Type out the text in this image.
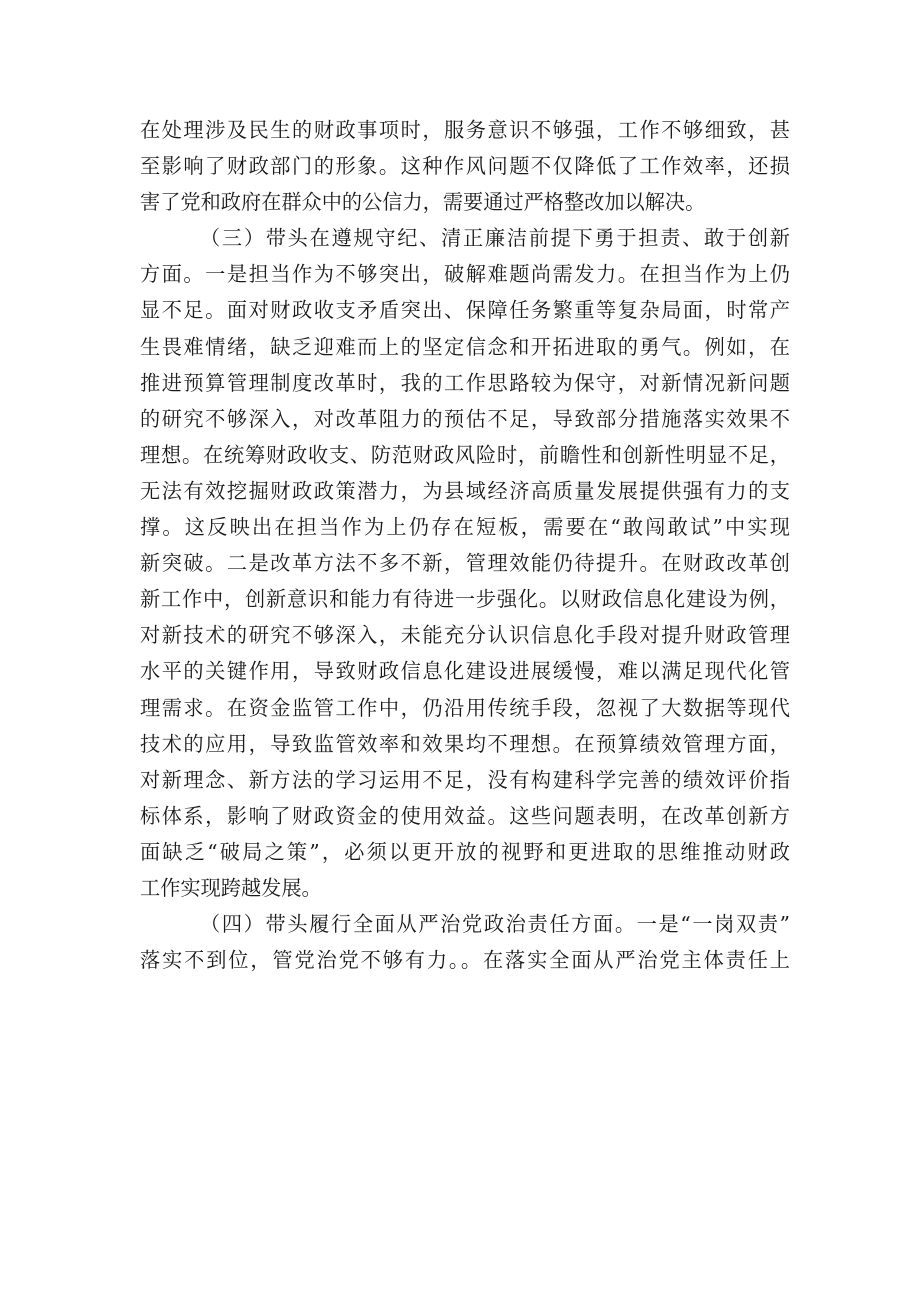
在处理涉及民生的财政事项时，服务意识不够强，工作不够细致，甚
至影响了财政部门的形象。这种作风问题不仅降低了工作效率，还损
害了党和政府在群众中的公信力，需要通过严格整改加以解决。
（三）带头在遵规守纪、清正廉洁前提下勇于担责、敢于创新
方面。一是担当作为不够突出，破解难题尚需发力。在担当作为上仍
显不足。面对财政收支矛盾突出、保障任务繁重等复杂局面，时常产
生畏难情绪，缺乏迎难而上的坚定信念和开拓进取的勇气。例如，在
推进预算管理制度改革时，我的工作思路较为保守，对新情况新问题
的研究不够深入，对改革阻力的预估不足，导致部分措施落实效果不
理想。在统筹财政收支、防范财政风险时，前瞻性和创新性明显不足，
无法有效挖掘财政政策潜力，为县域经济高质量发展提供强有力的支
撑。这反映出在担当作为上仍存在短板，需要在“敢闯敢试”中实现
新突破。二是改革方法不多不新，管理效能仍待提升。在财政改革创
新工作中，创新意识和能力有待进一步强化。以财政信息化建设为例，
对新技术的研究不够深入，未能充分认识信息化手段对提升财政管理
水平的关键作用，导致财政信息化建设进展缓慢，难以满足现代化管
理需求。在资金监管工作中，仍沿用传统手段，忽视了大数据等现代
技术的应用，导致监管效率和效果均不理想。在预算绩效管理方面，
对新理念、新方法的学习运用不足，没有构建科学完善的绩效评价指
标体系，影响了财政资金的使用效益。这些问题表明，在改革创新方
面缺乏“破局之策”，必须以更开放的视野和更进取的思维推动财政
工作实现跨越发展。
（四）带头履行全面从严治党政治责任方面。一是“一岗双责”
落实不到位，管党治党不够有力。。在落实全面从严治党主体责任上
